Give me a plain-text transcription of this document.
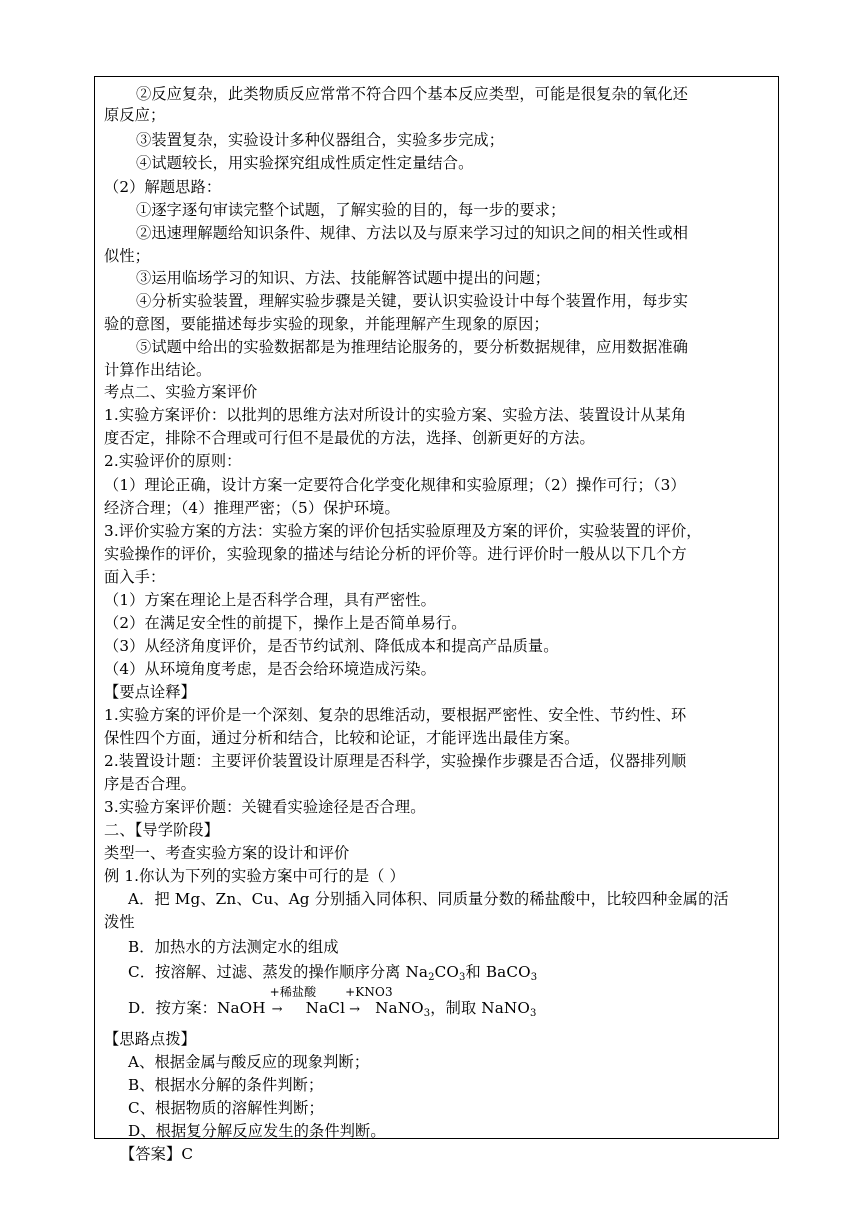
②反应复杂，此类物质反应常常不符合四个基本反应类型，可能是很复杂的氧化还
原反应；
③装置复杂，实验设计多种仪器组合，实验多步完成；
④试题较长，用实验探究组成性质定性定量结合。
（2）解题思路：
①逐字逐句审读完整个试题，了解实验的目的，每一步的要求；
②迅速理解题给知识条件、规律、方法以及与原来学习过的知识之间的相关性或相
似性；
③运用临场学习的知识、方法、技能解答试题中提出的问题；
④分析实验装置，理解实验步骤是关键，要认识实验设计中每个装置作用，每步实
验的意图，要能描述每步实验的现象，并能理解产生现象的原因；
⑤试题中给出的实验数据都是为推理结论服务的，要分析数据规律，应用数据准确
计算作出结论。
考点二、实验方案评价
1.实验方案评价：以批判的思维方法对所设计的实验方案、实验方法、装置设计从某角
度否定，排除不合理或可行但不是最优的方法，选择、创新更好的方法。
2.实验评价的原则：
（1）理论正确，设计方案一定要符合化学变化规律和实验原理；（2）操作可行；（3）
经济合理；（4）推理严密；（5）保护环境。
3.评价实验方案的方法：实验方案的评价包括实验原理及方案的评价，实验装置的评价，
实验操作的评价，实验现象的描述与结论分析的评价等。进行评价时一般从以下几个方
面入手：
（1）方案在理论上是否科学合理，具有严密性。
（2）在满足安全性的前提下，操作上是否简单易行。
（3）从经济角度评价，是否节约试剂、降低成本和提高产品质量。
（4）从环境角度考虑，是否会给环境造成污染。
【要点诠释】
1.实验方案的评价是一个深刻、复杂的思维活动，要根据严密性、安全性、节约性、环
保性四个方面，通过分析和结合，比较和论证，才能评选出最佳方案。
2.装置设计题：主要评价装置设计原理是否科学，实验操作步骤是否合适，仪器排列顺
序是否合理。
3.实验方案评价题：关键看实验途径是否合理。
二、【导学阶段】
类型一、考查实验方案的设计和评价
例 1.你认为下列的实验方案中可行的是（ ）
A．把 Mg、Zn、Cu、Ag 分别插入同体积、同质量分数的稀盐酸中，比较四种金属的活
泼性
B．加热水的方法测定水的组成
C．按溶解、过滤、蒸发的操作顺序分离 $Na_2CO_3$和 BaCO$_3$
D．按方案：NaOH
+稀盐酸
→ NaCl
+KNO3
→ NaNO$_3$，制取 NaNO$_3$
【思路点拨】
A、根据金属与酸反应的现象判断；
B、根据水分解的条件判断；
C、根据物质的溶解性判断；
D、根据复分解反应发生的条件判断。
【答案】C
